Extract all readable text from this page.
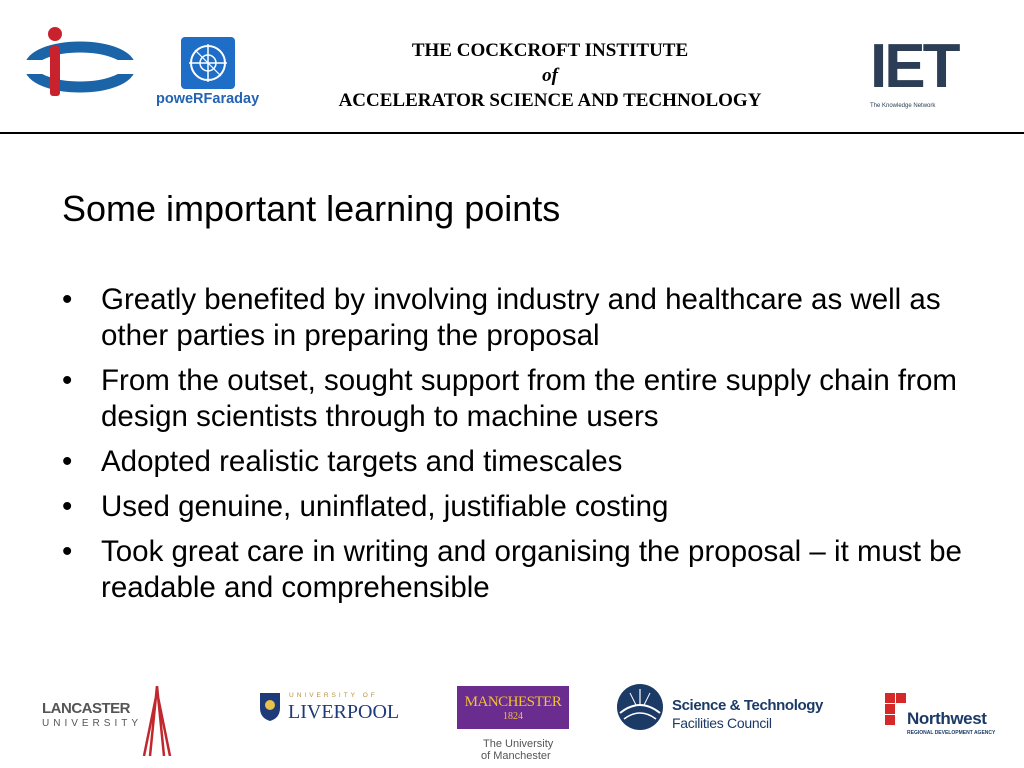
poweRFaraday
THE COCKCROFT INSTITUTE
of
ACCELERATOR SCIENCE AND TECHNOLOGY	IET
The Knowledge Network
Some important learning points
• Greatly benefited by involving industry and healthcare as well as other parties in preparing the proposal
• From the outset, sought support from the entire supply chain from design scientists through to machine users
• Adopted realistic targets and timescales
• Used genuine, uninflated, justifiable costing
• Took great care in writing and organising the proposal – it must be readable and comprehensible
LANCASTER
UNIVERSITY
UNIVERSITY OF
LIVERPOOL	MANCHESTER
1824
The University
of Manchester
Science & Technology
Facilities Council	Northwest
REGIONAL DEVELOPMENT AGENCY
